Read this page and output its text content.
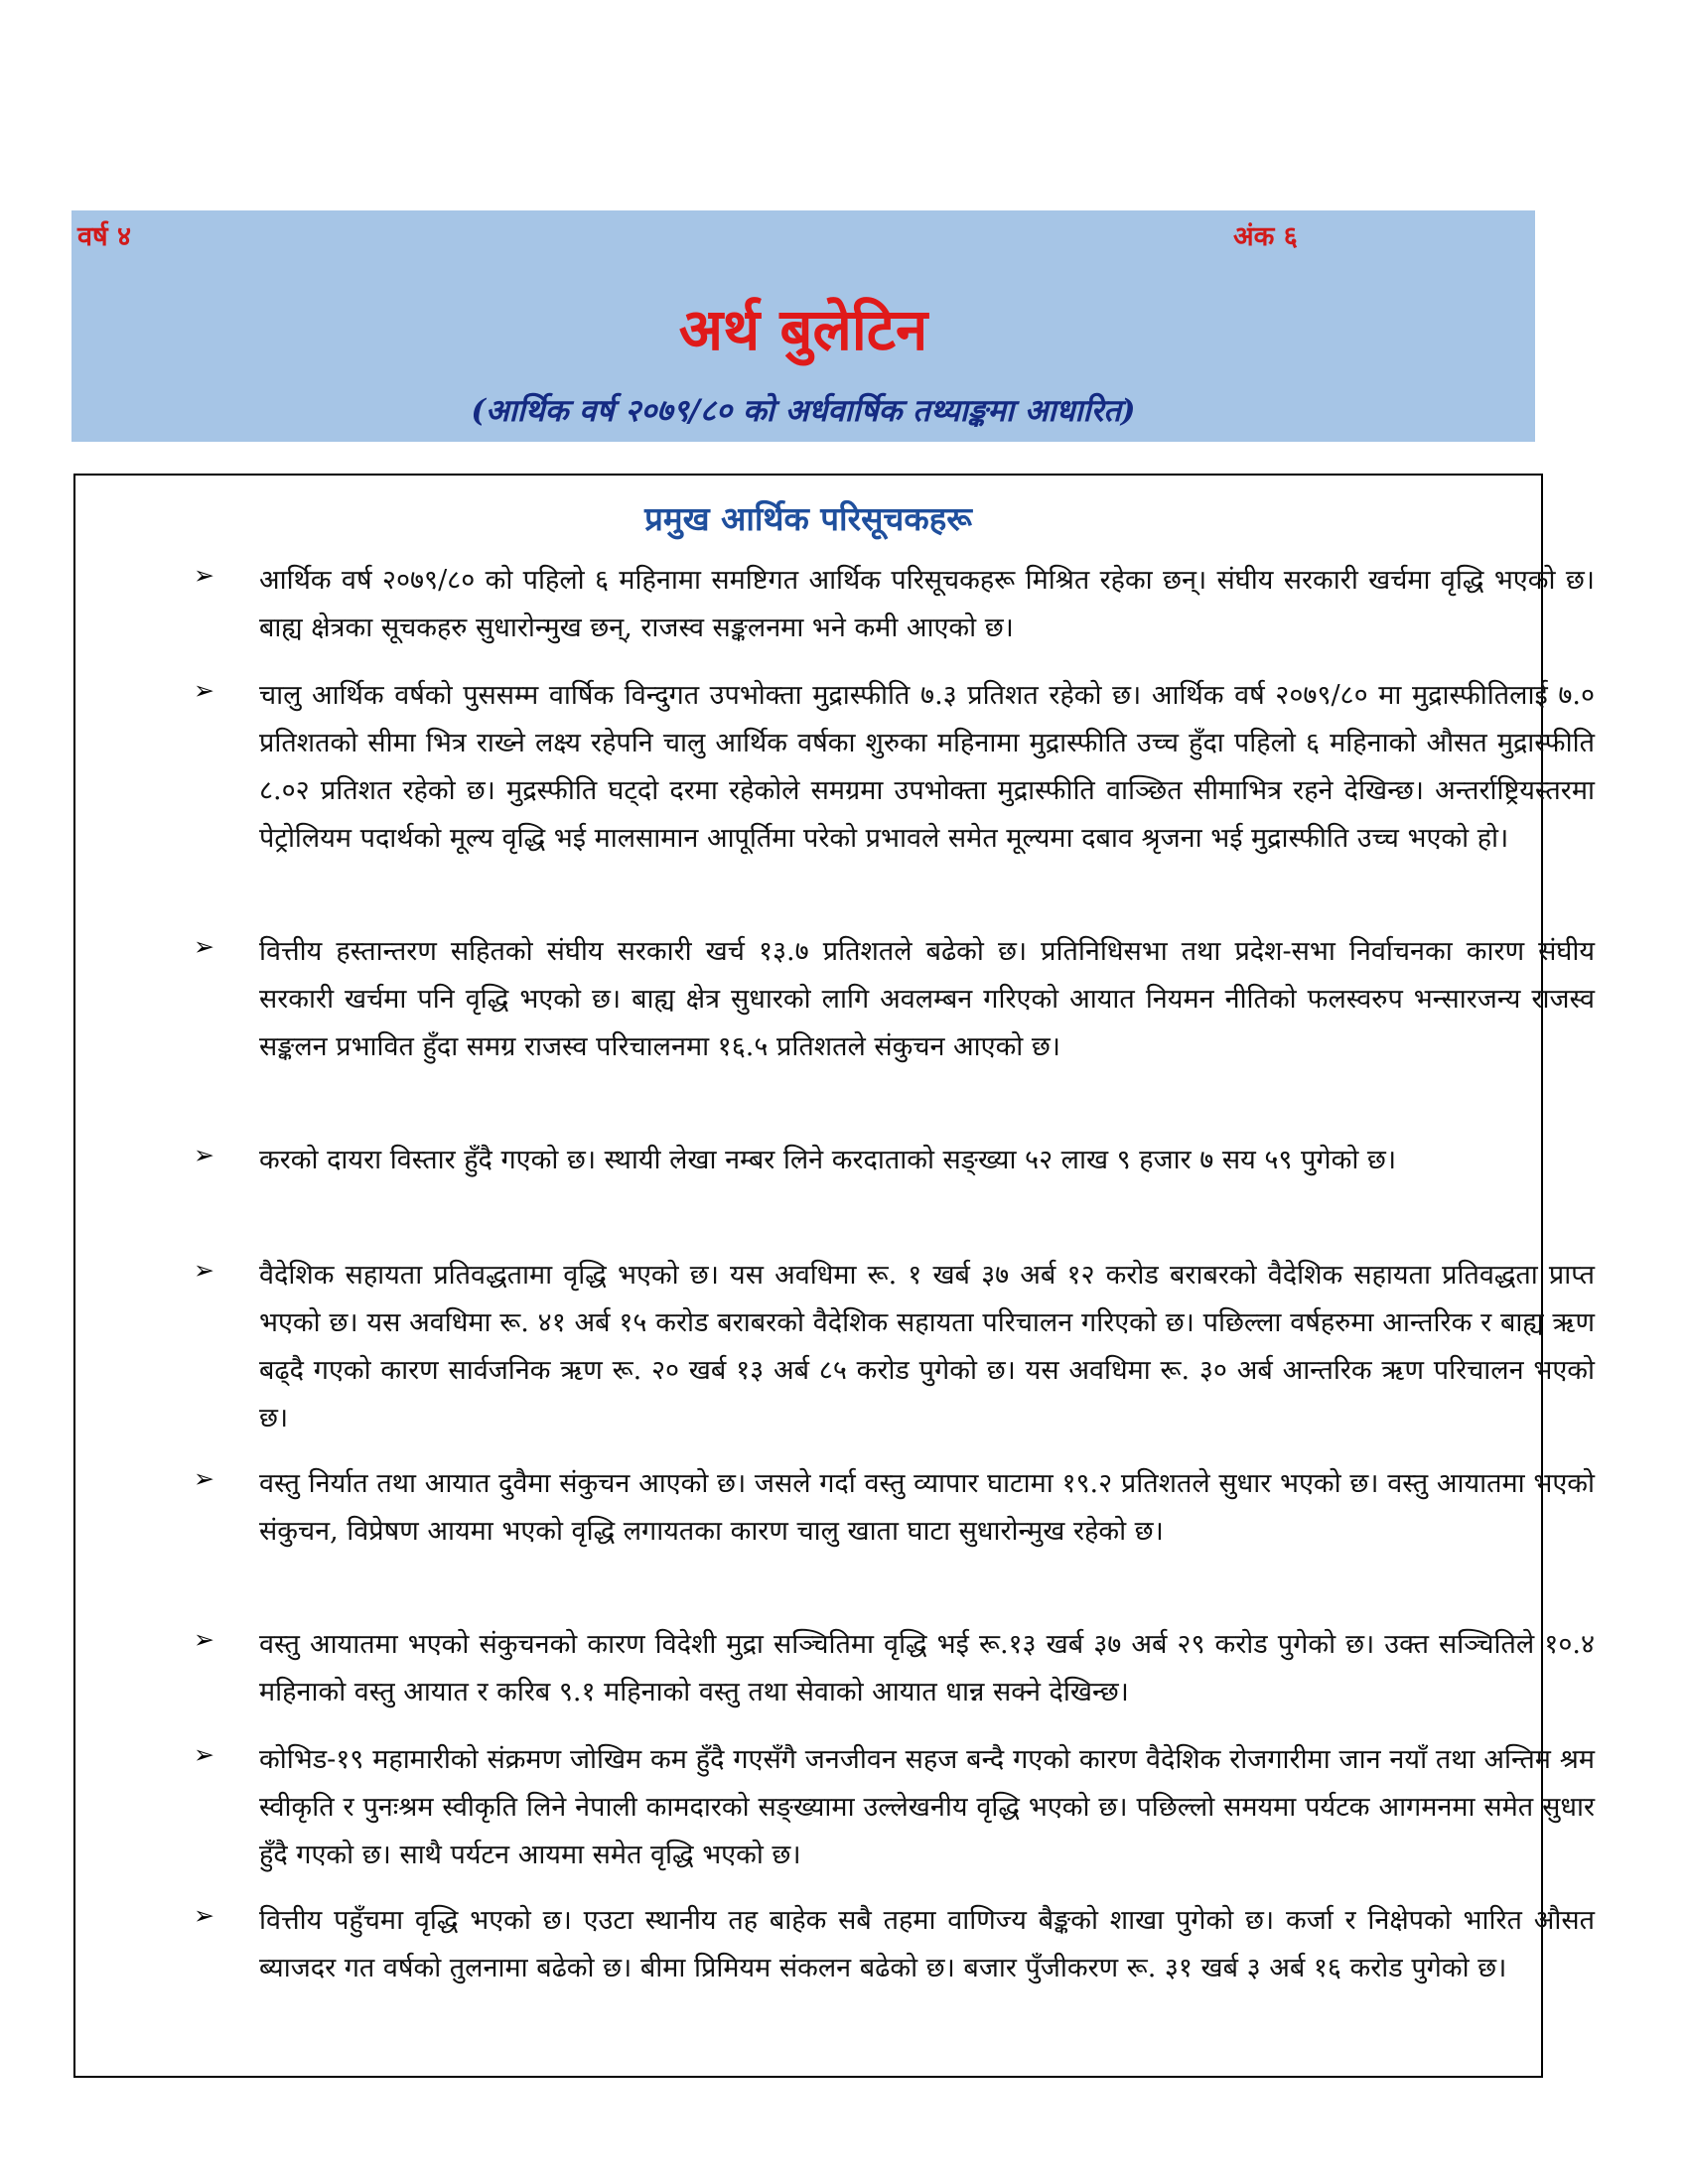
वर्ष ४	अंक ६
अर्थ बुलेटिन
(आर्थिक वर्ष २०७९/८० को अर्धवार्षिक तथ्याङ्कमा आधारित)
प्रमुख आर्थिक परिसूचकहरू
➢ आर्थिक वर्ष २०७९/८० को पहिलो ६ महिनामा समष्टिगत आर्थिक परिसूचकहरू मिश्रित रहेका छन्। संघीय सरकारी खर्चमा वृद्धि भएको छ। बाह्य क्षेत्रका सूचकहरु सुधारोन्मुख छन्, राजस्व सङ्कलनमा भने कमी आएको छ।
➢ चालु आर्थिक वर्षको पुससम्म वार्षिक विन्दुगत उपभोक्ता मुद्रास्फीति ७.३ प्रतिशत रहेको छ। आर्थिक वर्ष २०७९/८० मा मुद्रास्फीतिलाई ७.० प्रतिशतको सीमा भित्र राख्ने लक्ष्य रहेपनि चालु आर्थिक वर्षका शुरुका महिनामा मुद्रास्फीति उच्च हुँदा पहिलो ६ महिनाको औसत मुद्रास्फीति ८.०२ प्रतिशत रहेको छ। मुद्रस्फीति घट्दो दरमा रहेकोले समग्रमा उपभोक्ता मुद्रास्फीति वाञ्छित सीमाभित्र रहने देखिन्छ। अन्तर्राष्ट्रियस्तरमा पेट्रोलियम पदार्थको मूल्य वृद्धि भई मालसामान आपूर्तिमा परेको प्रभावले समेत मूल्यमा दबाव श्रृजना भई मुद्रास्फीति उच्च भएको हो।
➢ वित्तीय हस्तान्तरण सहितको संघीय सरकारी खर्च १३.७ प्रतिशतले बढेको छ। प्रतिनिधिसभा तथा प्रदेश-सभा निर्वाचनका कारण संघीय सरकारी खर्चमा पनि वृद्धि भएको छ। बाह्य क्षेत्र सुधारको लागि अवलम्बन गरिएको आयात नियमन नीतिको फलस्वरुप भन्सारजन्य राजस्व सङ्कलन प्रभावित हुँदा समग्र राजस्व परिचालनमा १६.५ प्रतिशतले संकुचन आएको छ।
➢ करको दायरा विस्तार हुँदै गएको छ। स्थायी लेखा नम्बर लिने करदाताको सङ्ख्या ५२ लाख ९ हजार ७ सय ५९ पुगेको छ।
➢ वैदेशिक सहायता प्रतिवद्धतामा वृद्धि भएको छ। यस अवधिमा रू. १ खर्ब ३७ अर्ब १२ करोड बराबरको वैदेशिक सहायता प्रतिवद्धता प्राप्त भएको छ। यस अवधिमा रू. ४१ अर्ब १५ करोड बराबरको वैदेशिक सहायता परिचालन गरिएको छ। पछिल्ला वर्षहरुमा आन्तरिक र बाह्य ऋण बढ्दै गएको कारण सार्वजनिक ऋण रू. २० खर्ब १३ अर्ब ८५ करोड पुगेको छ। यस अवधिमा रू. ३० अर्ब आन्तरिक ऋण परिचालन भएको छ।
➢ वस्तु निर्यात तथा आयात दुवैमा संकुचन आएको छ। जसले गर्दा वस्तु व्यापार घाटामा १९.२ प्रतिशतले सुधार भएको छ। वस्तु आयातमा भएको संकुचन, विप्रेषण आयमा भएको वृद्धि लगायतका कारण चालु खाता घाटा सुधारोन्मुख रहेको छ।
➢ वस्तु आयातमा भएको संकुचनको कारण विदेशी मुद्रा सञ्चितिमा वृद्धि भई रू.१३ खर्ब ३७ अर्ब २९ करोड पुगेको छ। उक्त सञ्चितिले १०.४ महिनाको वस्तु आयात र करिब ९.१ महिनाको वस्तु तथा सेवाको आयात धान्न सक्ने देखिन्छ।
➢ कोभिड-१९ महामारीको संक्रमण जोखिम कम हुँदै गएसँगै जनजीवन सहज बन्दै गएको कारण वैदेशिक रोजगारीमा जान नयाँ तथा अन्तिम श्रम स्वीकृति र पुनःश्रम स्वीकृति लिने नेपाली कामदारको सङ्ख्यामा उल्लेखनीय वृद्धि भएको छ। पछिल्लो समयमा पर्यटक आगमनमा समेत सुधार हुँदै गएको छ। साथै पर्यटन आयमा समेत वृद्धि भएको छ।
➢ वित्तीय पहुँचमा वृद्धि भएको छ। एउटा स्थानीय तह बाहेक सबै तहमा वाणिज्य बैङ्कको शाखा पुगेको छ। कर्जा र निक्षेपको भारित औसत ब्याजदर गत वर्षको तुलनामा बढेको छ। बीमा प्रिमियम संकलन बढेको छ। बजार पुँजीकरण रू. ३१ खर्ब ३ अर्ब १६ करोड पुगेको छ।
